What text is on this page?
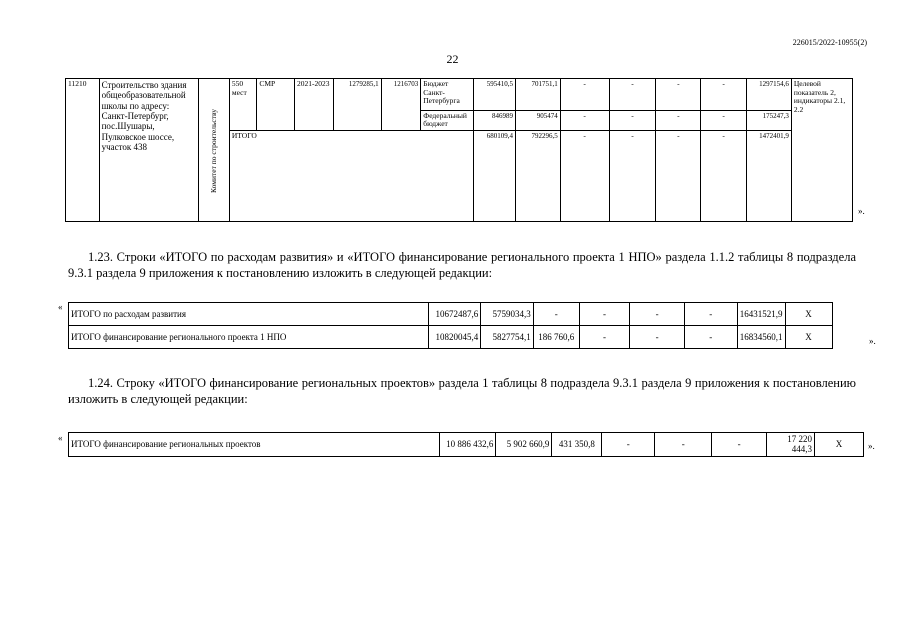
226015/2022-10955(2)
22
11210	Строительство здания общеобразовательной школы по адресу: Санкт-Петербург, пос.Шушары, Пулковское шоссе, участок 438	Комитет по строительству	550 мест	СМР	2021-2023	1279285,1	1216703	Бюджет Санкт-Петербурга	595410,5	701751,1	-	-	-	-	1297154,6	Целевой показатель 2, индикаторы 2.1, 2.2
								Федеральный бюджет	846989	905474	-	-	-	-	175247,3	
			ИТОГО						680109,4	792296,5	-	-	-	-	1472401,9	
».
1.23. Строки «ИТОГО по расходам развития» и «ИТОГО финансирование регионального проекта 1 НПО» раздела 1.1.2 таблицы 8 подраздела 9.3.1 раздела 9 приложения к постановлению изложить в следующей редакции:
«
ИТОГО по расходам развития	10672487,6	5759034,3	-	-	-	-	16431521,9	Х
ИТОГО финансирование регионального проекта 1 НПО	10820045,4	5827754,1	186 760,6	-	-	-	16834560,1	Х	».
1.24. Строку «ИТОГО финансирование региональных проектов» раздела 1 таблицы 8 подраздела 9.3.1 раздела 9 приложения к постановлению изложить в следующей редакции:
«
ИТОГО финансирование региональных проектов	10 886 432,6	5 902 660,9	431 350,8	-	-	-	17 220 444,3	Х	».
